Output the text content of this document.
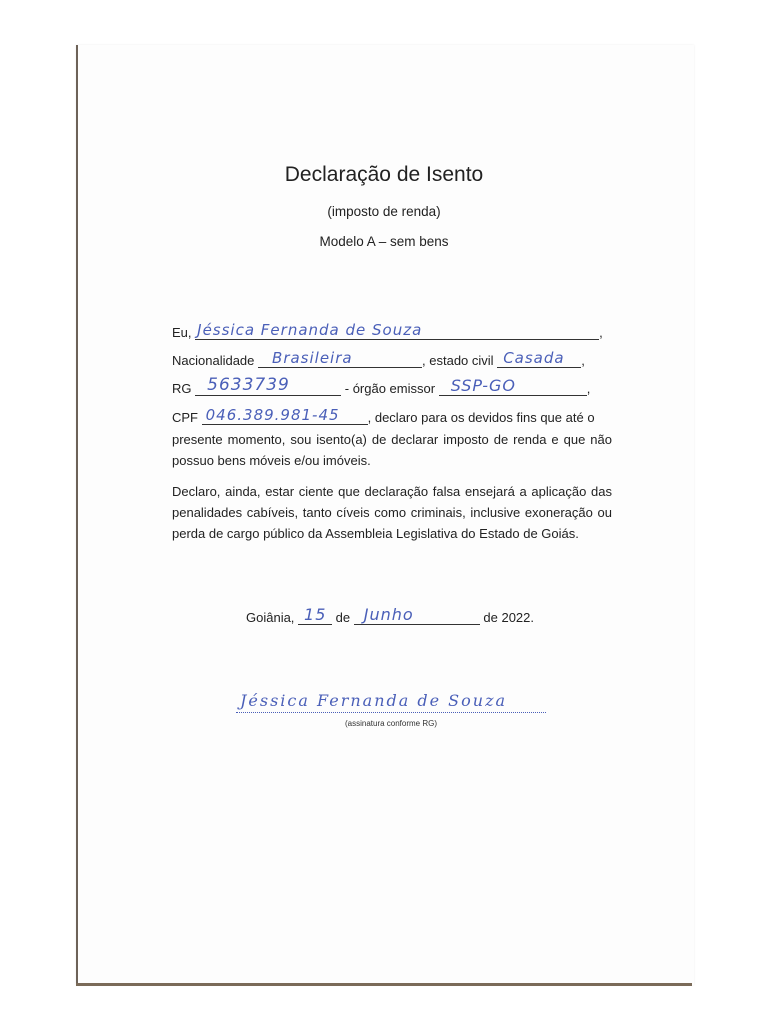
Declaração de Isento
(imposto de renda)
Modelo A – sem bens
Eu, Jéssica Fernanda de Souza	,
Nacionalidade Brasileira	, estado civil Casada ,
RG 5633739	- órgão emissor SSP-GO	,
CPF 046.389.981-45 , declaro para os devidos fins que até o

presente momento, sou isento(a) de declarar imposto de renda e que não possuo bens móveis e/ou imóveis.

Declaro, ainda, estar ciente que declaração falsa ensejará a aplicação das penalidades cabíveis, tanto cíveis como criminais, inclusive exoneração ou perda de cargo público da Assembleia Legislativa do Estado de Goiás.

Goiânia, 15 de Junho	de 2022.
Jéssica Fernanda de Souza
(assinatura conforme RG)
